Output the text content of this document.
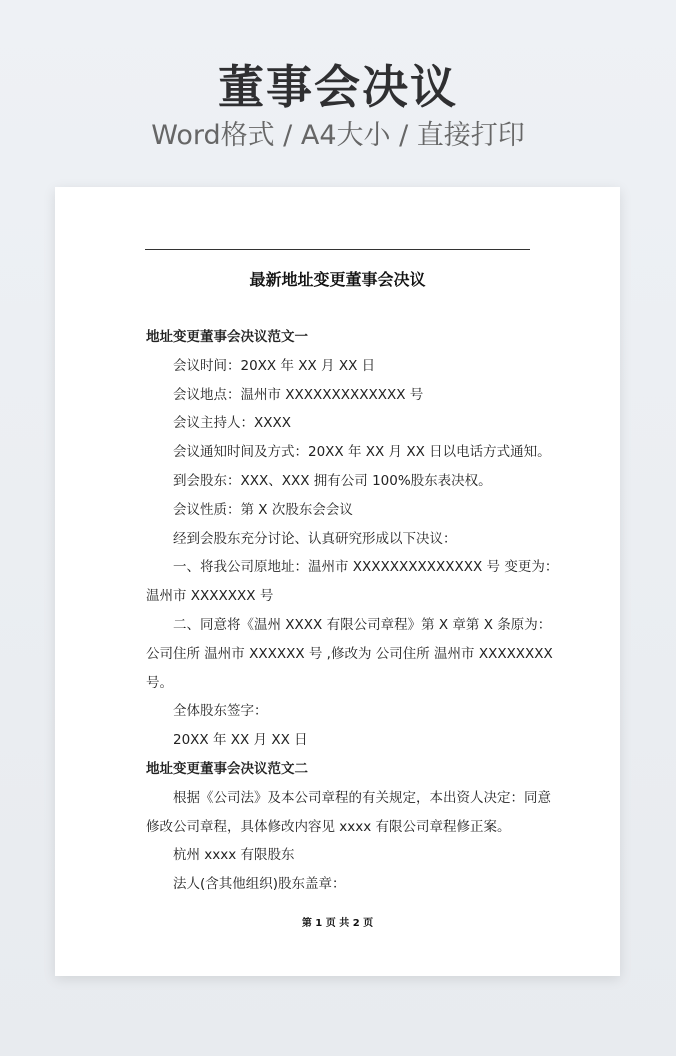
董事会决议
Word格式 / A4大小 / 直接打印
最新地址变更董事会决议
地址变更董事会决议范文一
会议时间：20XX 年 XX 月 XX 日
会议地点：温州市 XXXXXXXXXXXXX 号
会议主持人：XXXX
会议通知时间及方式：20XX 年 XX 月 XX 日以电话方式通知。
到会股东：XXX、XXX 拥有公司 100%股东表决权。
会议性质：第 X 次股东会会议
经到会股东充分讨论、认真研究形成以下决议：
一、将我公司原地址：温州市 XXXXXXXXXXXXXX 号 变更为：
温州市 XXXXXXX 号
二、同意将《温州 XXXX 有限公司章程》第 X 章第 X 条原为：
公司住所 温州市 XXXXXX 号 ,修改为 公司住所 温州市 XXXXXXXX
号。
全体股东签字：
20XX 年 XX 月 XX 日
地址变更董事会决议范文二
根据《公司法》及本公司章程的有关规定，本出资人决定：同意
修改公司章程，具体修改内容见 xxxx 有限公司章程修正案。
杭州 xxxx 有限股东
法人(含其他组织)股东盖章：
第 1 页 共 2 页
